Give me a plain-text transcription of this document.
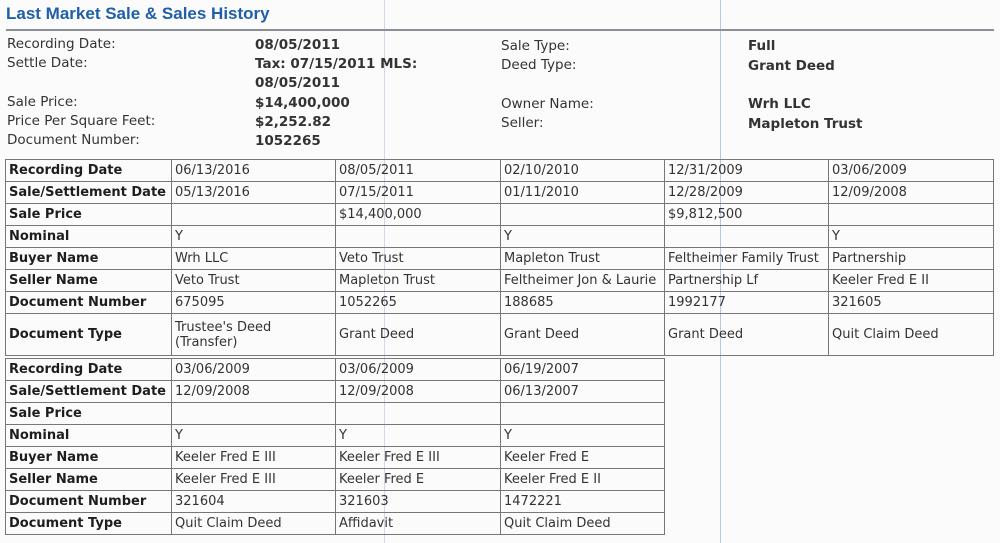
Last Market Sale & Sales History
Recording Date:	08/05/2011
Settle Date:	Tax: 07/15/2011 MLS:
08/05/2011
Sale Price:	$14,400,000
Price Per Square Feet:	$2,252.82
Document Number:	1052265
Sale Type:	Full
Deed Type:	Grant Deed
Owner Name:	Wrh LLC
Seller:	Mapleton Trust
Recording Date	06/13/2016	08/05/2011	02/10/2010	12/31/2009	03/06/2009
Sale/Settlement Date	05/13/2016	07/15/2011	01/11/2010	12/28/2009	12/09/2008
Sale Price		$14,400,000		$9,812,500	
Nominal	Y		Y		Y
Buyer Name	Wrh LLC	Veto Trust	Mapleton Trust	Feltheimer Family Trust	Partnership
Seller Name	Veto Trust	Mapleton Trust	Feltheimer Jon & Laurie	Partnership Lf	Keeler Fred E II
Document Number	675095	1052265	188685	1992177	321605
Document Type	Trustee's Deed (Transfer)	Grant Deed	Grant Deed	Grant Deed	Quit Claim Deed
Recording Date	03/06/2009	03/06/2009	06/19/2007
Sale/Settlement Date	12/09/2008	12/09/2008	06/13/2007
Sale Price			
Nominal	Y	Y	Y
Buyer Name	Keeler Fred E III	Keeler Fred E III	Keeler Fred E
Seller Name	Keeler Fred E III	Keeler Fred E	Keeler Fred E II
Document Number	321604	321603	1472221
Document Type	Quit Claim Deed	Affidavit	Quit Claim Deed
